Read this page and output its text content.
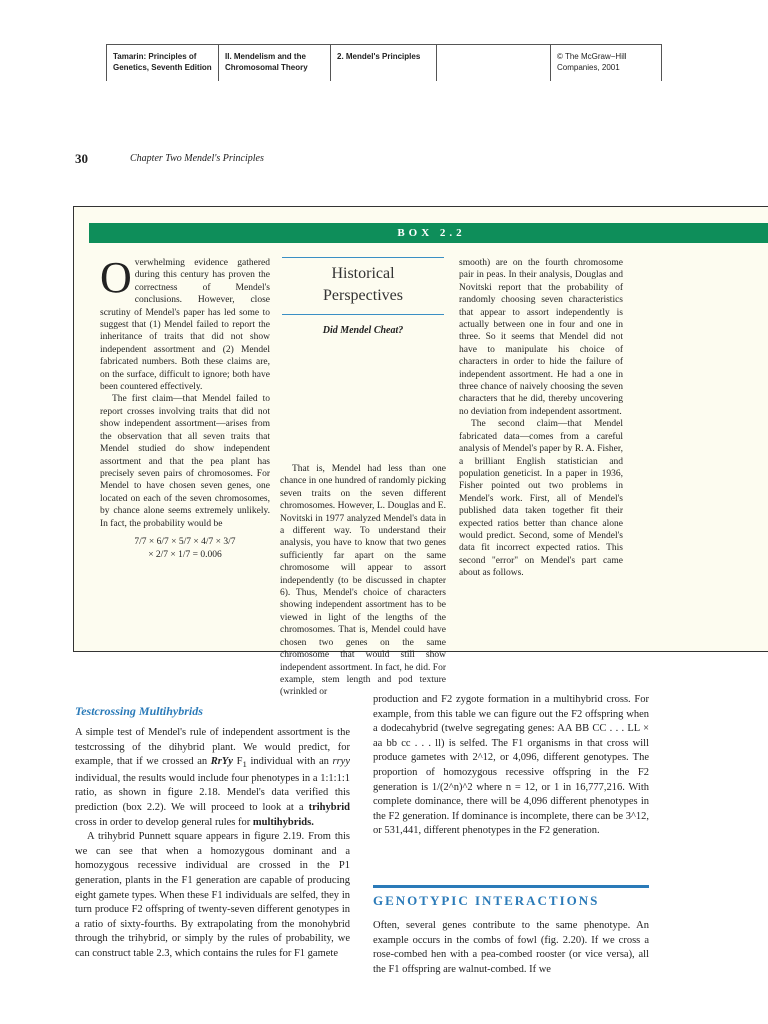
Tamarin: Principles of Genetics, Seventh Edition
II. Mendelism and the Chromosomal Theory
2. Mendel's Principles	© The McGraw−Hill Companies, 2001
30	Chapter Two Mendel's Principles
BOX 2.2

Overwhelming evidence gathered during this century has proven the correctness of Mendel's conclusions. However, close scrutiny of Mendel's paper has led some to suggest that (1) Mendel failed to report the inheritance of traits that did not show independent assortment and (2) Mendel fabricated numbers. Both these claims are, on the surface, difficult to ignore; both have been countered effectively.

The first claim—that Mendel failed to report crosses involving traits that did not show independent assortment—arises from the observation that all seven traits that Mendel studied do show independent assortment and that the pea plant has precisely seven pairs of chromosomes. For Mendel to have chosen seven genes, one located on each of the seven chromosomes, by chance alone seems extremely unlikely. In fact, the probability would be

7/7 × 6/7 × 5/7 × 4/7 × 3/7
× 2/7 × 1/7 = 0.006
Historical
Perspectives
Did Mendel Cheat?

That is, Mendel had less than one chance in one hundred of randomly picking seven traits on the seven different chromosomes. However, L. Douglas and E. Novitski in 1977 analyzed Mendel's data in a different way. To understand their analysis, you have to know that two genes sufficiently far apart on the same chromosome will appear to assort independently (to be discussed in chapter 6). Thus, Mendel's choice of characters showing independent assortment has to be viewed in light of the lengths of the chromosomes. That is, Mendel could have chosen two genes on the same chromosome that would still show independent assortment. In fact, he did. For example, stem length and pod texture (wrinkled or

smooth) are on the fourth chromosome pair in peas. In their analysis, Douglas and Novitski report that the probability of randomly choosing seven characteristics that appear to assort independently is actually between one in four and one in three. So it seems that Mendel did not have to manipulate his choice of characters in order to hide the failure of independent assortment. He had a one in three chance of naively choosing the seven characters that he did, thereby uncovering no deviation from independent assortment.

The second claim—that Mendel fabricated data—comes from a careful analysis of Mendel's paper by R. A. Fisher, a brilliant English statistician and population geneticist. In a paper in 1936, Fisher pointed out two problems in Mendel's work. First, all of Mendel's published data taken together fit their expected ratios better than chance alone would predict. Second, some of Mendel's data fit incorrect expected ratios. This second "error" on Mendel's part came about as follows.

Testcrossing Multihybrids

A simple test of Mendel's rule of independent assortment is the testcrossing of the dihybrid plant. We would predict, for example, that if we crossed an RrYy $F_1$ individual with an rryy individual, the results would include four phenotypes in a 1:1:1:1 ratio, as shown in figure 2.18. Mendel's data verified this prediction (box 2.2). We will proceed to look at a trihybrid cross in order to develop general rules for multihybrids.

A trihybrid Punnett square appears in figure 2.19. From this we can see that when a homozygous dominant and a homozygous recessive individual are crossed in the P1 generation, plants in the F1 generation are capable of producing eight gamete types. When these F1 individuals are selfed, they in turn produce F2 offspring of twenty-seven different genotypes in a ratio of sixty-fourths. By extrapolating from the monohybrid through the trihybrid, or simply by the rules of probability, we can construct table 2.3, which contains the rules for F1 gamete

production and F2 zygote formation in a multihybrid cross. For example, from this table we can figure out the F2 offspring when a dodecahybrid (twelve segregating genes: AA BB CC . . . LL × aa bb cc . . . ll) is selfed. The F1 organisms in that cross will produce gametes with 2^12, or 4,096, different genotypes. The proportion of homozygous recessive offspring in the F2 generation is 1/(2^n)^2 where n = 12, or 1 in 16,777,216. With complete dominance, there will be 4,096 different phenotypes in the F2 generation. If dominance is incomplete, there can be 3^12, or 531,441, different phenotypes in the F2 generation.

GENOTYPIC INTERACTIONS

Often, several genes contribute to the same phenotype. An example occurs in the combs of fowl (fig. 2.20). If we cross a rose-combed hen with a pea-combed rooster (or vice versa), all the F1 offspring are walnut-combed. If we
